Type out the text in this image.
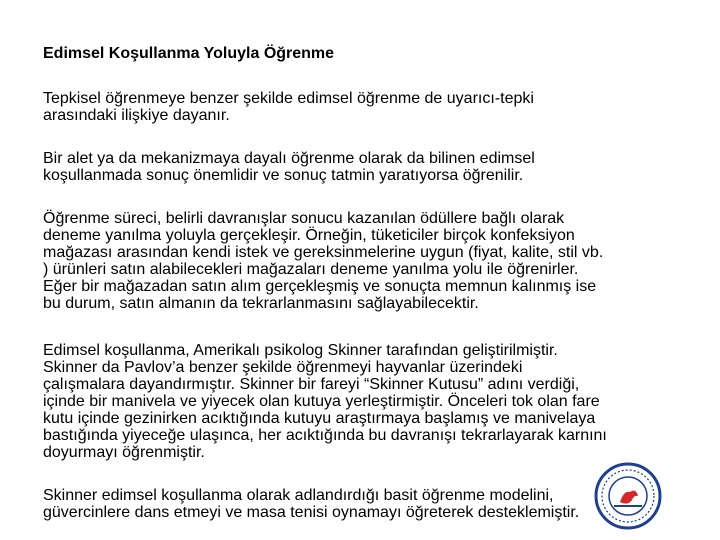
Edimsel Koşullanma Yoluyla Öğrenme

Tepkisel öğrenmeye benzer şekilde edimsel öğrenme de uyarıcı-tepki
arasındaki ilişkiye dayanır.

Bir alet ya da mekanizmaya dayalı öğrenme olarak da bilinen edimsel
koşullanmada sonuç önemlidir ve sonuç tatmin yaratıyorsa öğrenilir.

Öğrenme süreci, belirli davranışlar sonucu kazanılan ödüllere bağlı olarak
deneme yanılma yoluyla gerçekleşir. Örneğin, tüketiciler birçok konfeksiyon
mağazası arasından kendi istek ve gereksinmelerine uygun (fiyat, kalite, stil vb.
) ürünleri satın alabilecekleri mağazaları deneme yanılma yolu ile öğrenirler.
Eğer bir mağazadan satın alım gerçekleşmiş ve sonuçta memnun kalınmış ise
bu durum, satın almanın da tekrarlanmasını sağlayabilecektir.

Edimsel koşullanma, Amerikalı psikolog Skinner tarafından geliştirilmiştir.
Skinner da Pavlov’a benzer şekilde öğrenmeyi hayvanlar üzerindeki
çalışmalara dayandırmıştır. Skinner bir fareyi “Skinner Kutusu” adını verdiği,
içinde bir manivela ve yiyecek olan kutuya yerleştirmiştir. Önceleri tok olan fare
kutu içinde gezinirken acıktığında kutuyu araştırmaya başlamış ve manivelaya
bastığında yiyeceğe ulaşınca, her acıktığında bu davranışı tekrarlayarak karnını
doyurmayı öğrenmiştir.

Skinner edimsel koşullanma olarak adlandırdığı basit öğrenme modelini,
güvercinlere dans etmeyi ve masa tenisi oynamayı öğreterek desteklemiştir.
